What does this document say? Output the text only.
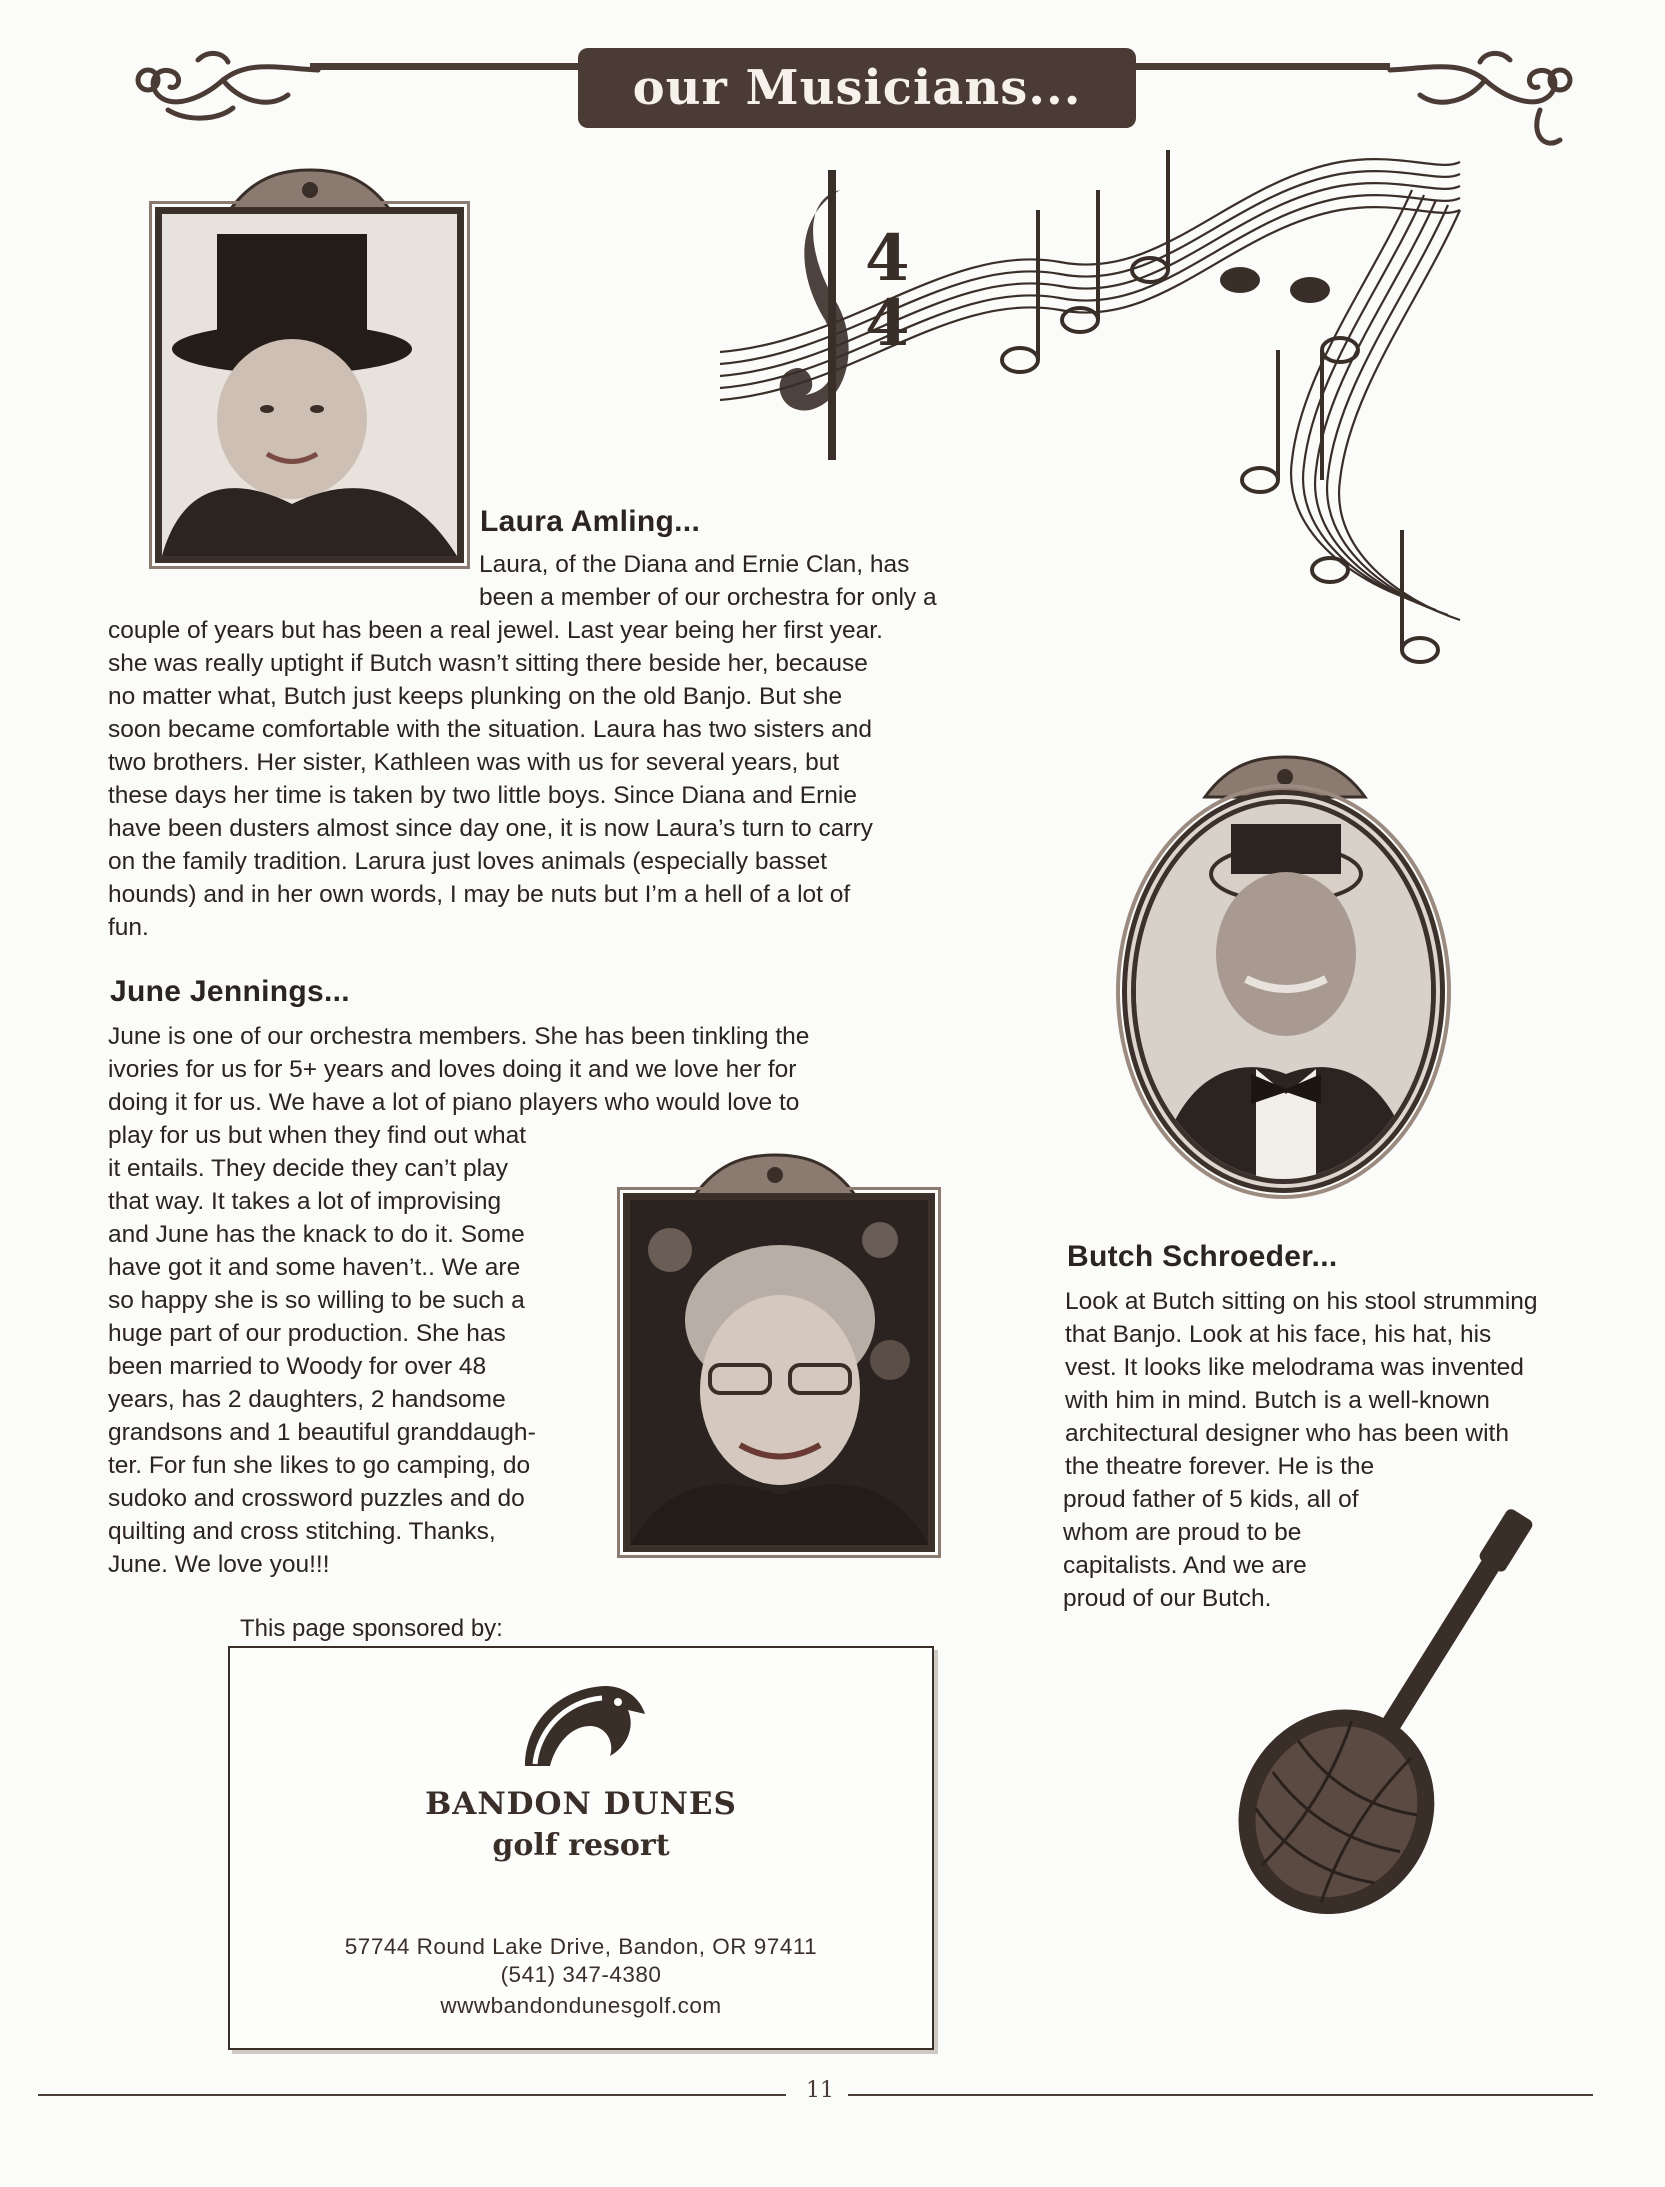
our Musicians...
4
4
Laura Amling...
Laura, of the Diana and Ernie Clan, has
been a member of our orchestra for only a
couple of years but has been a real jewel. Last year being her first year.
she was really uptight if Butch wasn’t sitting there beside her, because
no matter what, Butch just keeps plunking on the old Banjo. But she
soon became comfortable with the situation. Laura has two sisters and
two brothers. Her sister, Kathleen was with us for several years, but
these days her time is taken by two little boys. Since Diana and Ernie
have been dusters almost since day one, it is now Laura’s turn to carry
on the family tradition. Larura just loves animals (especially basset
hounds) and in her own words, I may be nuts but I’m a hell of a lot of
fun.
June Jennings...
June is one of our orchestra members. She has been tinkling the
ivories for us for 5+ years and loves doing it and we love her for
doing it for us. We have a lot of piano players who would love to
play for us but when they find out what
it entails. They decide they can’t play
that way. It takes a lot of improvising
and June has the knack to do it. Some
have got it and some haven’t.. We are
so happy she is so willing to be such a
huge part of our production. She has
been married to Woody for over 48
years, has 2 daughters, 2 handsome
grandsons and 1 beautiful granddaugh-
ter. For fun she likes to go camping, do
sudoko and crossword puzzles and do
quilting and cross stitching. Thanks,
June. We love you!!!
Butch Schroeder...
Look at Butch sitting on his stool strumming
that Banjo. Look at his face, his hat, his
vest. It looks like melodrama was invented
with him in mind. Butch is a well-known
architectural designer who has been with
the theatre forever. He is the
proud father of 5 kids, all of
whom are proud to be
capitalists. And we are
proud of our Butch.
This page sponsored by:
BANDON DUNES
golf resort
57744 Round Lake Drive, Bandon, OR 97411
(541) 347-4380
wwwbandondunesgolf.com
11
